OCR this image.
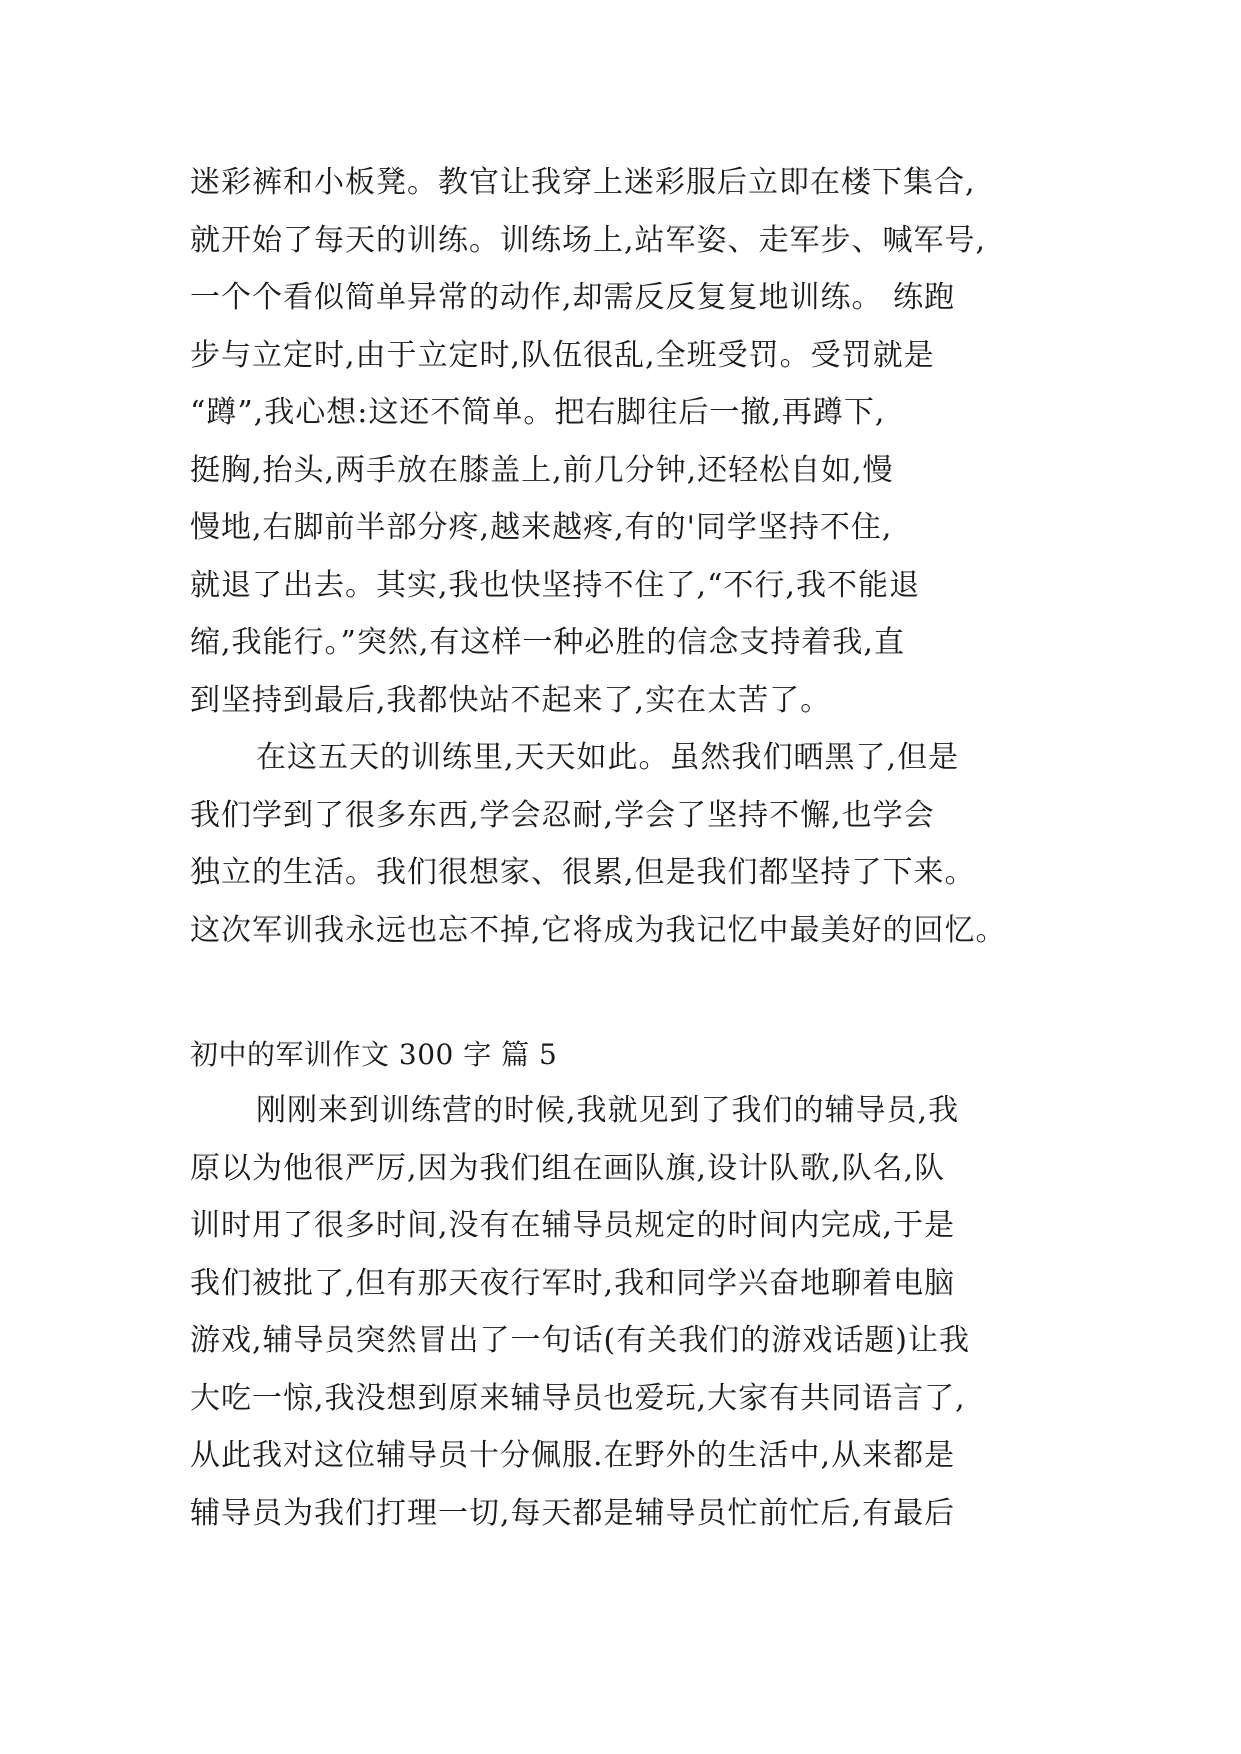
迷彩裤和小板凳。教官让我穿上迷彩服后立即在楼下集合,
就开始了每天的训练。训练场上,站军姿、走军步、喊军号,
一个个看似简单异常的动作,却需反反复复地训练。 练跑
步与立定时,由于立定时,队伍很乱,全班受罚。受罚就是
“蹲”,我心想:这还不简单。把右脚往后一撤,再蹲下,
挺胸,抬头,两手放在膝盖上,前几分钟,还轻松自如,慢
慢地,右脚前半部分疼,越来越疼,有的'同学坚持不住,
就退了出去。其实,我也快坚持不住了,“不行,我不能退
缩,我能行。”突然,有这样一种必胜的信念支持着我,直
到坚持到最后,我都快站不起来了,实在太苦了。
在这五天的训练里,天天如此。虽然我们晒黑了,但是
我们学到了很多东西,学会忍耐,学会了坚持不懈,也学会
独立的生活。我们很想家、很累,但是我们都坚持了下来。
这次军训我永远也忘不掉,它将成为我记忆中最美好的回忆。
初中的军训作文 300 字 篇 5
刚刚来到训练营的时候,我就见到了我们的辅导员,我
原以为他很严厉,因为我们组在画队旗,设计队歌,队名,队
训时用了很多时间,没有在辅导员规定的时间内完成,于是
我们被批了,但有那天夜行军时,我和同学兴奋地聊着电脑
游戏,辅导员突然冒出了一句话(有关我们的游戏话题)让我
大吃一惊,我没想到原来辅导员也爱玩,大家有共同语言了,
从此我对这位辅导员十分佩服.在野外的生活中,从来都是
辅导员为我们打理一切,每天都是辅导员忙前忙后,有最后
